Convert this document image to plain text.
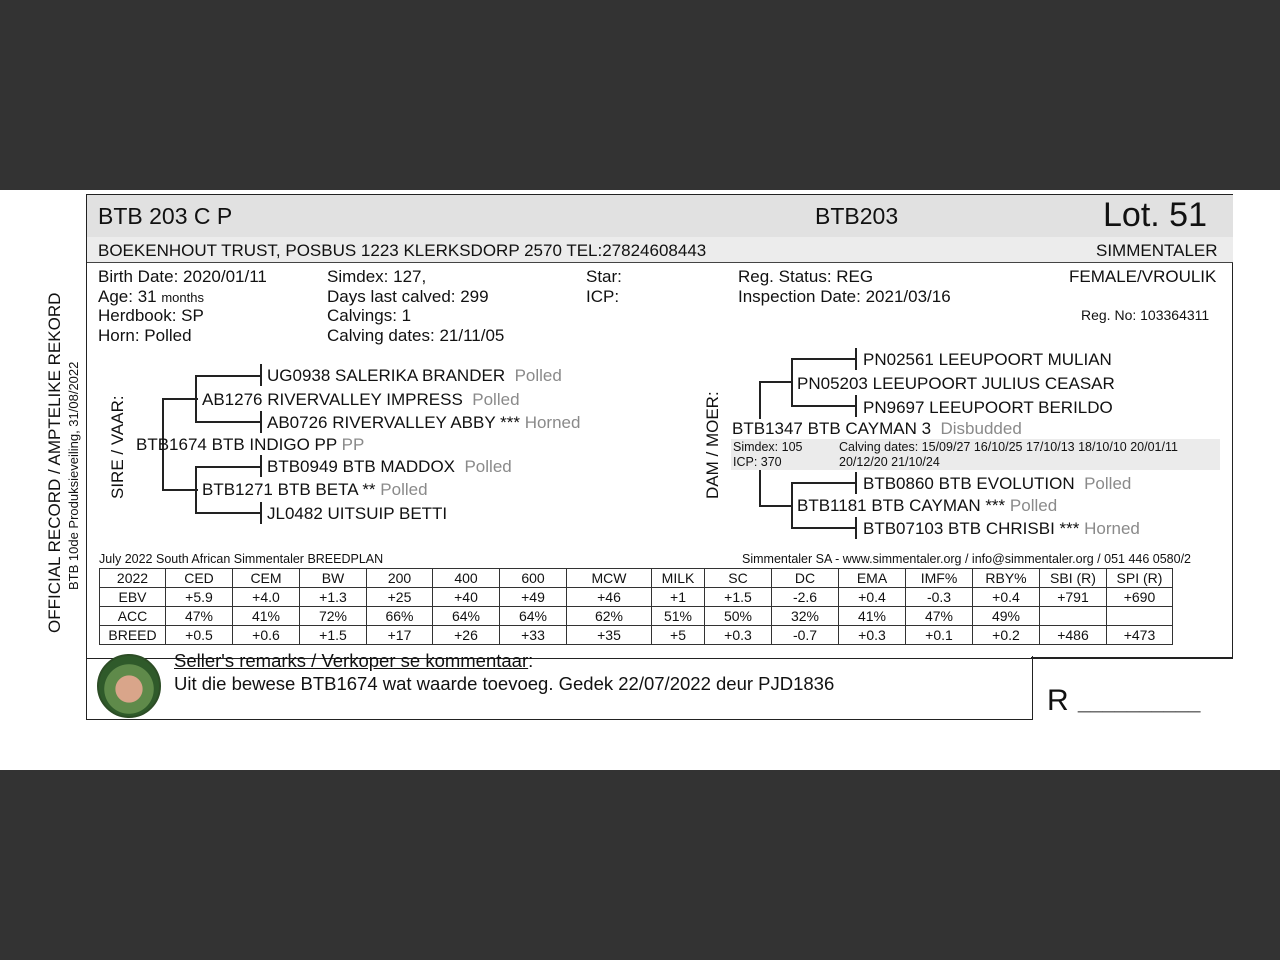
BTB 203 C P	BTB203	Lot. 51
BOEKENHOUT TRUST, POSBUS 1223 KLERKSDORP 2570 TEL:27824608443	SIMMENTALER
OFFICIAL RECORD / AMPTELIKE REKORD BTB 10de Produksieveiling, 31/08/2022
Birth Date: 2020/01/11
Age: 31 months
Herdbook: SP
Horn: Polled
Simdex: 127,
Days last calved: 299
Calvings: 1
Calving dates: 21/11/05
Star:
ICP:
Reg. Status: REG
Inspection Date: 2021/03/16
FEMALE/VROULIK
Reg. No: 103364311
SIRE / VAAR:
UG0938 SALERIKA BRANDER Polled
AB1276 RIVERVALLEY IMPRESS Polled
AB0726 RIVERVALLEY ABBY *** Horned
BTB1674 BTB INDIGO PP PP
BTB0949 BTB MADDOX Polled
BTB1271 BTB BETA ** Polled
JL0482 UITSUIP BETTI
DAM / MOER:
PN02561 LEEUPOORT MULIAN
PN05203 LEEUPOORT JULIUS CEASAR
PN9697 LEEUPOORT BERILDO
BTB1347 BTB CAYMAN 3 Disbudded
Simdex: 105
ICP: 370
Calving dates: 15/09/27 16/10/25 17/10/13 18/10/10 20/01/11
20/12/20 21/10/24
BTB0860 BTB EVOLUTION Polled
BTB1181 BTB CAYMAN *** Polled
BTB07103 BTB CHRISBI *** Horned
July 2022 South African Simmentaler BREEDPLAN	Simmentaler SA - www.simmentaler.org / info@simmentaler.org / 051 446 0580/2
2022	CED	CEM	BW	200	400	600	MCW	MILK	SC	DC	EMA	IMF%	RBY%	SBI (R)	SPI (R)
EBV	+5.9	+4.0	+1.3	+25	+40	+49	+46	+1	+1.5	-2.6	+0.4	-0.3	+0.4	+791	+690
ACC	47%	41%	72%	66%	64%	64%	62%	51%	50%	32%	41%	47%	49%		
BREED	+0.5	+0.6	+1.5	+17	+26	+33	+35	+5	+0.3	-0.7	+0.3	+0.1	+0.2	+486	+473
Seller's remarks / Verkoper se kommentaar:
Uit die bewese BTB1674 wat waarde toevoeg. Gedek 22/07/2022 deur PJD1836
R __________
